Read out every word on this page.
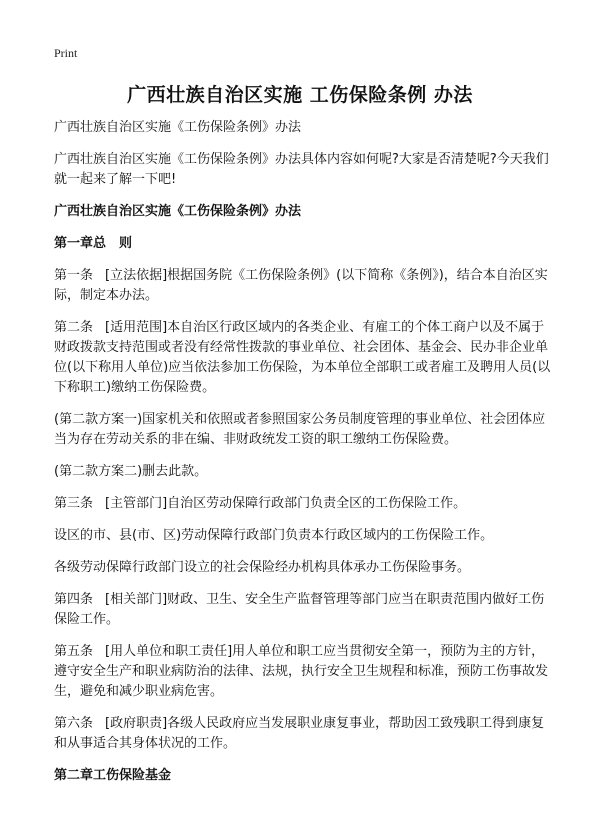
Print
广西壮族自治区实施 工伤保险条例 办法

广西壮族自治区实施《工伤保险条例》办法

广西壮族自治区实施《工伤保险条例》办法具体内容如何呢?大家是否清楚呢?今天我们就一起来了解一下吧!

广西壮族自治区实施《工伤保险条例》办法

第一章总　则

第一条 [立法依据]根据国务院《工伤保险条例》(以下简称《条例》)，结合本自治区实际，制定本办法。

第二条 [适用范围]本自治区行政区域内的各类企业、有雇工的个体工商户以及不属于财政拨款支持范围或者没有经常性拨款的事业单位、社会团体、基金会、民办非企业单位(以下称用人单位)应当依法参加工伤保险，为本单位全部职工或者雇工及聘用人员(以下称职工)缴纳工伤保险费。

(第二款方案一)国家机关和依照或者参照国家公务员制度管理的事业单位、社会团体应当为存在劳动关系的非在编、非财政统发工资的职工缴纳工伤保险费。

(第二款方案二)删去此款。

第三条 [主管部门]自治区劳动保障行政部门负责全区的工伤保险工作。

设区的市、县(市、区)劳动保障行政部门负责本行政区域内的工伤保险工作。

各级劳动保障行政部门设立的社会保险经办机构具体承办工伤保险事务。

第四条 [相关部门]财政、卫生、安全生产监督管理等部门应当在职责范围内做好工伤保险工作。

第五条 [用人单位和职工责任]用人单位和职工应当贯彻安全第一，预防为主的方针，遵守安全生产和职业病防治的法律、法规，执行安全卫生规程和标准，预防工伤事故发生，避免和减少职业病危害。

第六条 [政府职责]各级人民政府应当发展职业康复事业，帮助因工致残职工得到康复和从事适合其身体状况的工作。

第二章工伤保险基金
